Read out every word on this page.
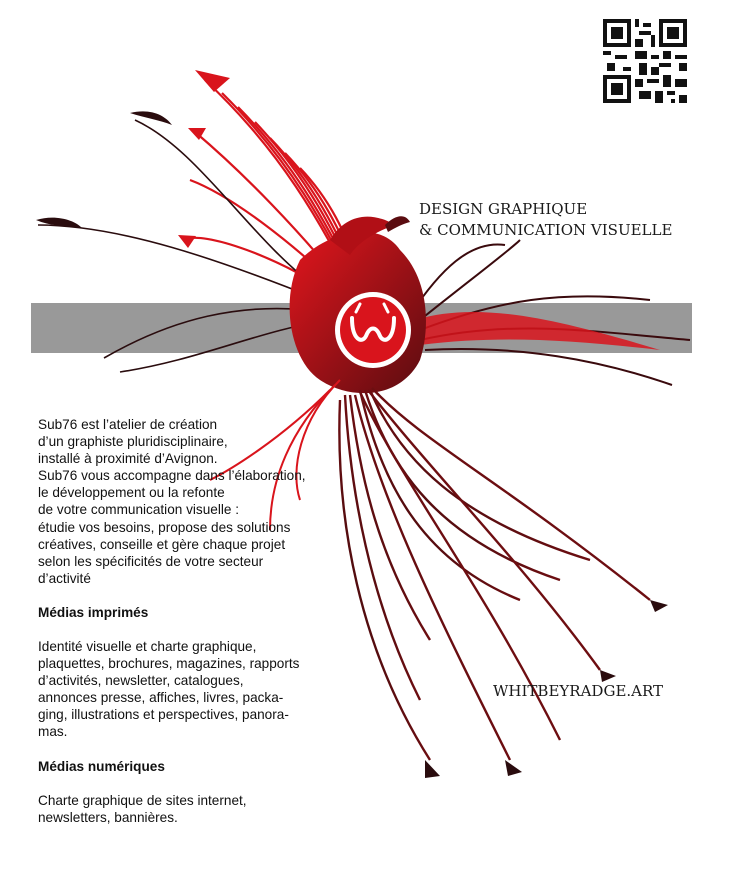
DESIGN GRAPHIQUE
& COMMUNICATION VISUELLE
WHITBEYRADGE.ART

Sub76 est l’atelier de création
d’un graphiste pluridisciplinaire,
installé à proximité d’Avignon.
Sub76 vous accompagne dans l’élaboration,
le développement ou la refonte
de votre communication visuelle :
étudie vos besoins, propose des solutions
créatives, conseille et gère chaque projet
selon les spécificités de votre secteur
d’activité

Médias imprimés

Identité visuelle et charte graphique,
plaquettes, brochures, magazines, rapports
d’activités, newsletter, catalogues,
annonces presse, affiches, livres, packa-
ging, illustrations et perspectives, panora-
mas.

Médias numériques

Charte graphique de sites internet,
newsletters, bannières.
